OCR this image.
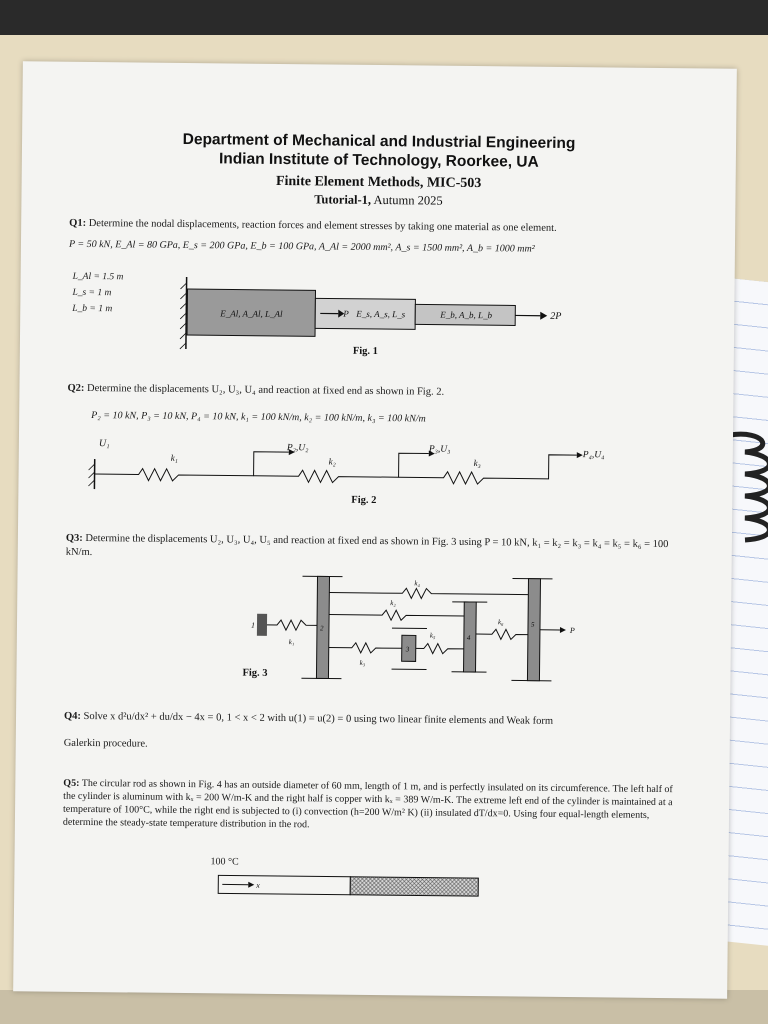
Department of Mechanical and Industrial Engineering
Indian Institute of Technology, Roorkee, UA
Finite Element Methods, MIC-503
Tutorial-1, Autumn 2025
Q1: Determine the nodal displacements, reaction forces and element stresses by taking one material as one element.
P = 50 kN, E_Al = 80 GPa, E_s = 200 GPa, E_b = 100 GPa, A_Al = 2000 mm², A_s = 1500 mm², A_b = 1000 mm²
L_Al = 1.5 m
L_s = 1 m
L_b = 1 m	E_Al, A_Al, L_Al	P E_s, A_s, L_s	E_b, A_b, L_b	2P
Fig. 1
Q2: Determine the displacements U₂, U₃, U₄ and reaction at fixed end as shown in Fig. 2.
P₂ = 10 kN, P₃ = 10 kN, P₄ = 10 kN, k₁ = 100 kN/m, k₂ = 100 kN/m, k₃ = 100 kN/m
U₁
k₁
P₂,U₂
k₂
P₃,U₃
k₃
P₄,U₄
Fig. 2
Q3: Determine the displacements U₂, U₃, U₄, U₅ and reaction at fixed end as shown in Fig. 3 using P = 10 kN, k₁ = k₂ = k₃ = k₄ = k₅ = k₆ = 100 kN/m.
1	2
3
4
5
k₁
k₂
k₃
k₄
k₅
k₆
P
Fig. 3
Q4: Solve x d²u/dx² + du/dx − 4x = 0, 1 < x < 2 with u(1) = u(2) = 0 using two linear finite elements and Weak form
Galerkin procedure.
Q5: The circular rod as shown in Fig. 4 has an outside diameter of 60 mm, length of 1 m, and is perfectly insulated on its circumference. The left half of the cylinder is aluminum with kₓ = 200 W/m-K and the right half is copper with kₓ = 389 W/m-K. The extreme left end of the cylinder is maintained at a temperature of 100°C, while the right end is subjected to (i) convection (h=200 W/m² K) (ii) insulated dT/dx=0. Using four equal-length elements, determine the steady-state temperature distribution in the rod.
100 °C
x
